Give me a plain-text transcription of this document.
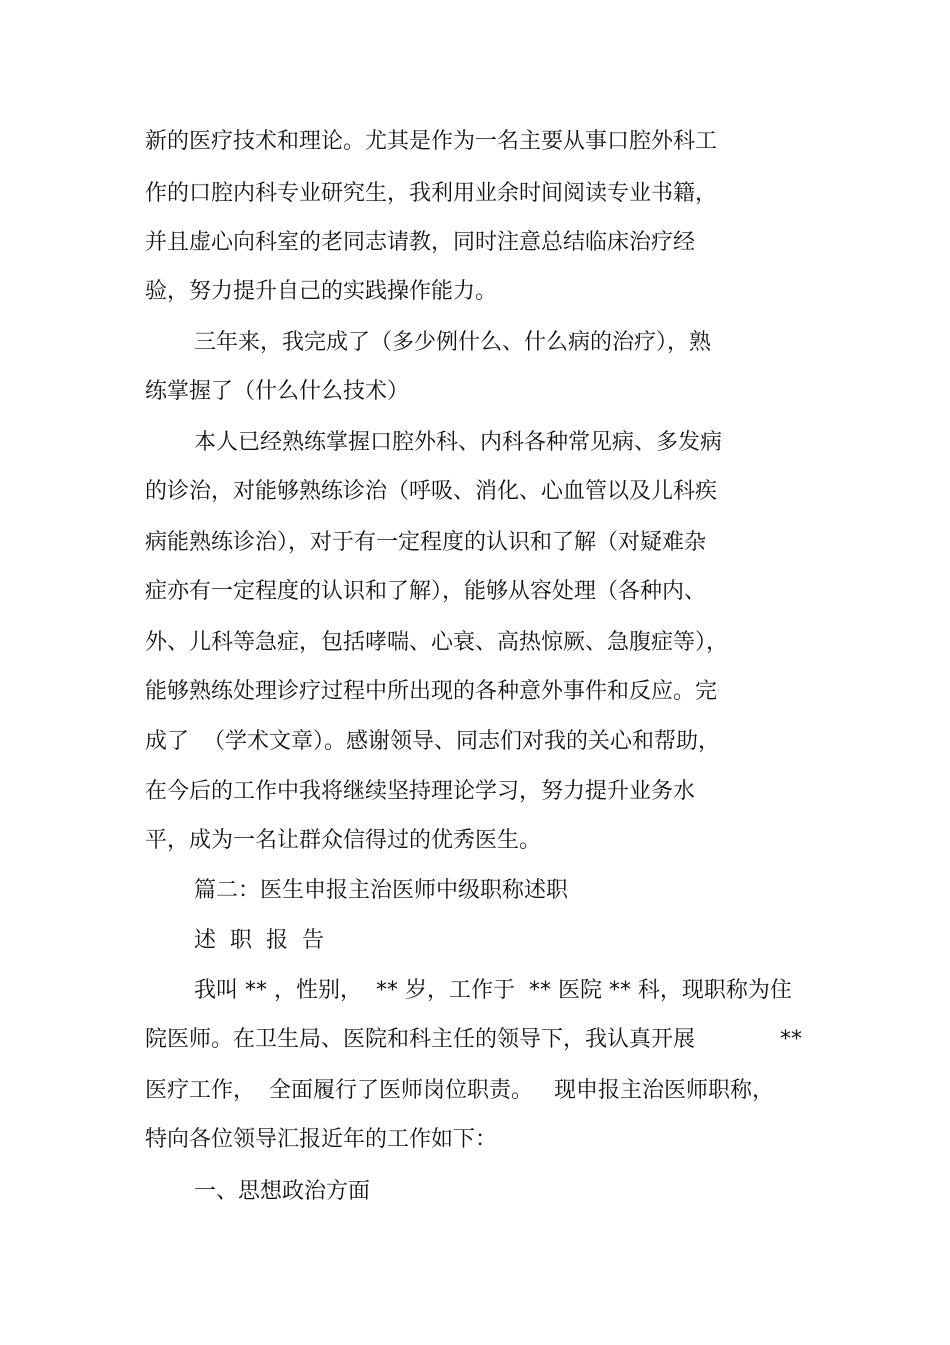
新的医疗技术和理论。尤其是作为一名主要从事口腔外科工
作的口腔内科专业研究生，我利用业余时间阅读专业书籍，
并且虚心向科室的老同志请教，同时注意总结临床治疗经
验，努力提升自己的实践操作能力。
三年来，我完成了（多少例什么、什么病的治疗），熟
练掌握了（什么什么技术）
本人已经熟练掌握口腔外科、内科各种常见病、多发病
的诊治，对能够熟练诊治（呼吸、消化、心血管以及儿科疾
病能熟练诊治），对于有一定程度的认识和了解（对疑难杂
症亦有一定程度的认识和了解），能够从容处理（各种内、
外、儿科等急症，包括哮喘、心衰、高热惊厥、急腹症等），
能够熟练处理诊疗过程中所出现的各种意外事件和反应。完
成了  （学术文章）。感谢领导、同志们对我的关心和帮助，
在今后的工作中我将继续坚持理论学习，努力提升业务水
平，成为一名让群众信得过的优秀医生。
篇二：医生申报主治医师中级职称述职
述  职  报  告
我叫 ** ，性别，  ** 岁，工作于  ** 医院 ** 科，现职称为住
院医师。在卫生局、医院和科主任的领导下，我认真开展	**
医疗工作，  全面履行了医师岗位职责。   现申报主治医师职称，
特向各位领导汇报近年的工作如下：
一、思想政治方面
